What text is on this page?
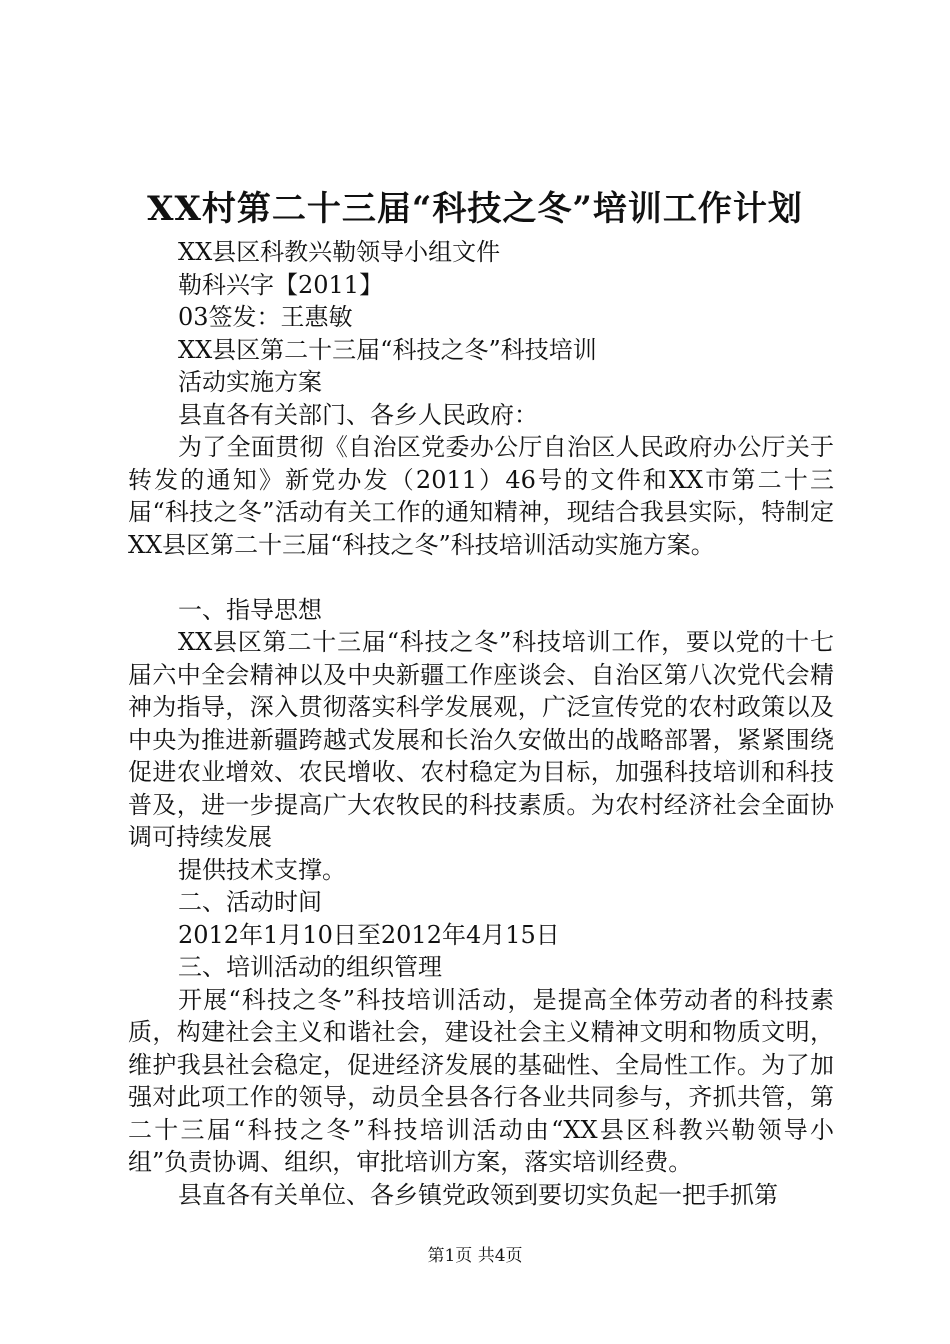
XX村第二十三届“科技之冬”培训工作计划

XX县区科教兴勒领导小组文件

勒科兴字【2011】

03签发：王惠敏

XX县区第二十三届“科技之冬”科技培训

活动实施方案

县直各有关部门、各乡人民政府：

为了全面贯彻《自治区党委办公厅自治区人民政府办公厅关于转发的通知》新党办发（2011）46号的文件和XX市第二十三届“科技之冬”活动有关工作的通知精神，现结合我县实际，特制定XX县区第二十三届“科技之冬”科技培训活动实施方案。

一、指导思想

XX县区第二十三届“科技之冬”科技培训工作，要以党的十七届六中全会精神以及中央新疆工作座谈会、自治区第八次党代会精神为指导，深入贯彻落实科学发展观，广泛宣传党的农村政策以及中央为推进新疆跨越式发展和长治久安做出的战略部署，紧紧围绕促进农业增效、农民增收、农村稳定为目标，加强科技培训和科技普及，进一步提高广大农牧民的科技素质。为农村经济社会全面协调可持续发展

提供技术支撑。

二、活动时间

2012年1月10日至2012年4月15日

三、培训活动的组织管理

开展“科技之冬”科技培训活动，是提高全体劳动者的科技素质，构建社会主义和谐社会，建设社会主义精神文明和物质文明，维护我县社会稳定，促进经济发展的基础性、全局性工作。为了加强对此项工作的领导，动员全县各行各业共同参与，齐抓共管，第二十三届“科技之冬”科技培训活动由“XX县区科教兴勒领导小组”负责协调、组织，审批培训方案，落实培训经费。

县直各有关单位、各乡镇党政领到要切实负起一把手抓第

第1页 共4页
